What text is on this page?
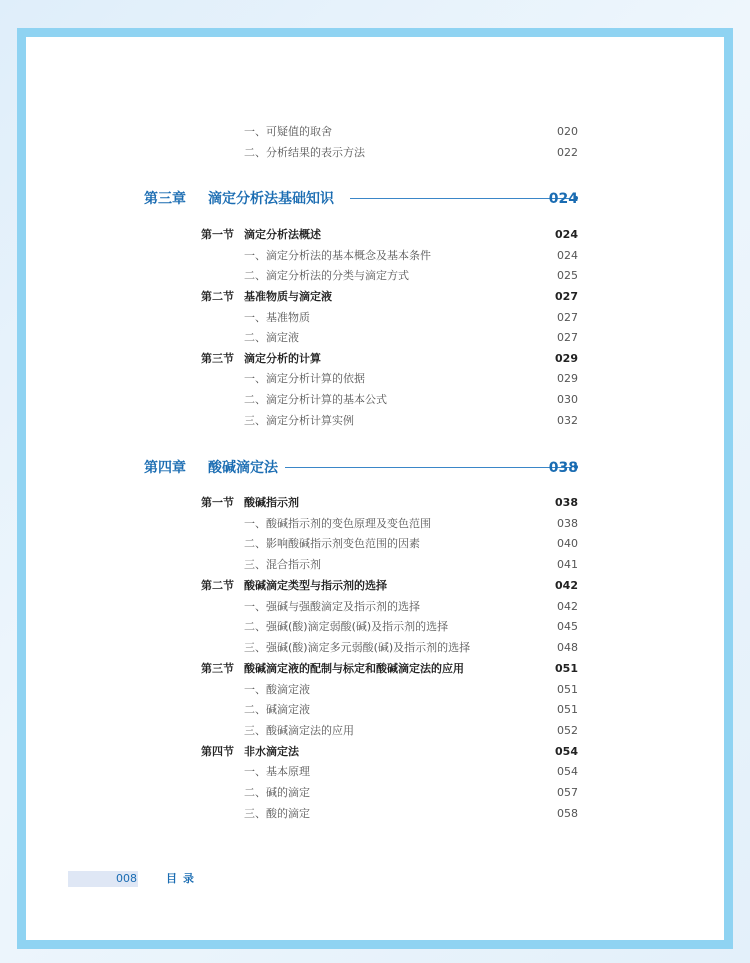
一、可疑值的取舍	020
二、分析结果的表示方法	022
第三章 滴定分析法基础知识	024
第一节 滴定分析法概述	024
一、滴定分析法的基本概念及基本条件	024
二、滴定分析法的分类与滴定方式	025
第二节 基准物质与滴定液	027
一、基准物质	027
二、滴定液	027
第三节 滴定分析的计算	029
一、滴定分析计算的依据	029
二、滴定分析计算的基本公式	030
三、滴定分析计算实例	032
第四章 酸碱滴定法	038
第一节 酸碱指示剂	038
一、酸碱指示剂的变色原理及变色范围	038
二、影响酸碱指示剂变色范围的因素	040
三、混合指示剂	041
第二节 酸碱滴定类型与指示剂的选择	042
一、强碱与强酸滴定及指示剂的选择	042
二、强碱(酸)滴定弱酸(碱)及指示剂的选择	045
三、强碱(酸)滴定多元弱酸(碱)及指示剂的选择	048
第三节 酸碱滴定液的配制与标定和酸碱滴定法的应用	051
一、酸滴定液	051
二、碱滴定液	051
三、酸碱滴定法的应用	052
第四节 非水滴定法	054
一、基本原理	054
二、碱的滴定	057
三、酸的滴定	058
008	目录
